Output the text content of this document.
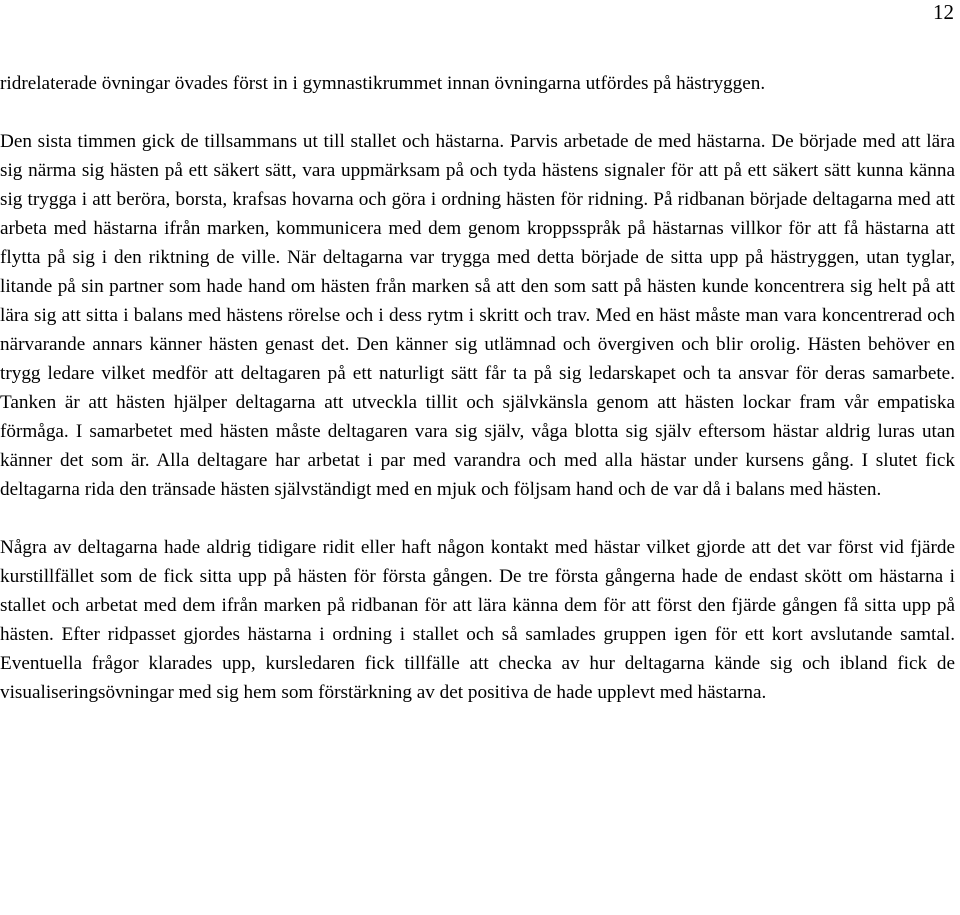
12

ridrelaterade övningar övades först in i gymnastikrummet innan övningarna utfördes på hästryggen.

Den sista timmen gick de tillsammans ut till stallet och hästarna. Parvis arbetade de med hästarna. De började med att lära sig närma sig hästen på ett säkert sätt, vara uppmärksam på och tyda hästens signaler för att på ett säkert sätt kunna känna sig trygga i att beröra, borsta, krafsas hovarna och göra i ordning hästen för ridning. På ridbanan började deltagarna med att arbeta med hästarna ifrån marken, kommunicera med dem genom kroppsspråk på hästarnas villkor för att få hästarna att flytta på sig i den riktning de ville. När deltagarna var trygga med detta började de sitta upp på hästryggen, utan tyglar, litande på sin partner som hade hand om hästen från marken så att den som satt på hästen kunde koncentrera sig helt på att lära sig att sitta i balans med hästens rörelse och i dess rytm i skritt och trav. Med en häst måste man vara koncentrerad och närvarande annars känner hästen genast det. Den känner sig utlämnad och övergiven och blir orolig. Hästen behöver en trygg ledare vilket medför att deltagaren på ett naturligt sätt får ta på sig ledarskapet och ta ansvar för deras samarbete. Tanken är att hästen hjälper deltagarna att utveckla tillit och självkänsla genom att hästen lockar fram vår empatiska förmåga. I samarbetet med hästen måste deltagaren vara sig själv, våga blotta sig själv eftersom hästar aldrig luras utan känner det som är. Alla deltagare har arbetat i par med varandra och med alla hästar under kursens gång. I slutet fick deltagarna rida den tränsade hästen självständigt med en mjuk och följsam hand och de var då i balans med hästen.

Några av deltagarna hade aldrig tidigare ridit eller haft någon kontakt med hästar vilket gjorde att det var först vid fjärde kurstillfället som de fick sitta upp på hästen för första gången. De tre första gångerna hade de endast skött om hästarna i stallet och arbetat med dem ifrån marken på ridbanan för att lära känna dem för att först den fjärde gången få sitta upp på hästen. Efter ridpasset gjordes hästarna i ordning i stallet och så samlades gruppen igen för ett kort avslutande samtal. Eventuella frågor klarades upp, kursledaren fick tillfälle att checka av hur deltagarna kände sig och ibland fick de visualiseringsövningar med sig hem som förstärkning av det positiva de hade upplevt med hästarna.
